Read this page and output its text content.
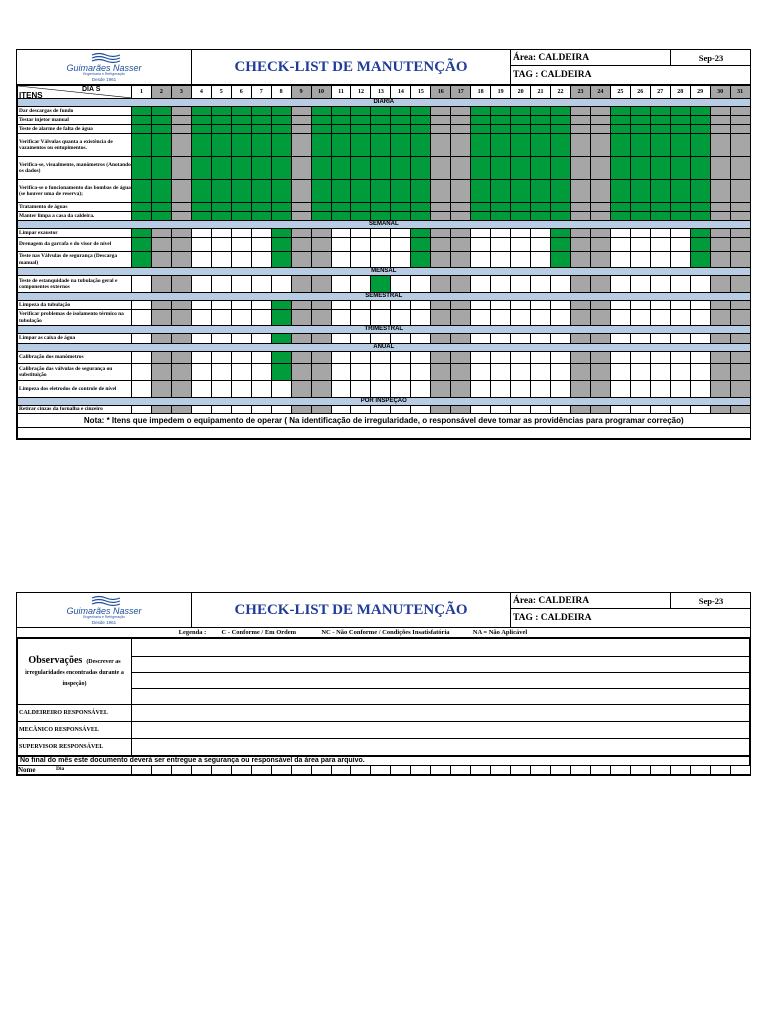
Guimarães Nasser
Engenharia e Refrigeração
Desde 1961
CHECK-LIST DE MANUTENÇÃO
Área: CALDEIRA	Sep-23
TAG : CALDEIRA
ITENS
DIA S	1	2	3	4	5	6	7	8	9	10	11	12	13	14	15	16	17	18	19	20	21	22	23	24	25	26	27	28	29	30	31
DIÁRIA																															
Dar descargas de fundo																															
Testar injetor manual																															
Teste de alarme de falta de água																															
Verificar Válvulas quanta a existência de vazamentos ou entupimentos.																															
Verifica-se, visualmente, manômetros (Anotando os dados)																															
Verifica-se o funcionamento das bombas de água (se houver uma de reserva);																															
Tratamento de águas																															
Manter limpa a casa da caldeira.																															
SEMANAL																															
Limpar exaustor																															
Drenagem da garrafa e do visor de nível																															
Teste nas Válvulas de segurança (Descarga manual)																															
MENSAL																															
Teste de estanquidade na tubulação geral e componentes externos																															
SEMESTRAL																															
Limpeza da tubulação																															
Verificar problemas de isolamento térmico na tubulação																															
TRIMESTRAL																															
Limpar as caixa de água																															
ANUAL																															
Calibração dos manômetros																															
Calibração das válvulas de segurança ou substituição																															
Limpeza dos eletrodos de controle de nível																															
POR INSPEÇÃO																															
Retirar cinzas da fornalha e cinzeiro																															
Nota: * Itens que impedem o equipamento de operar ( Na identificação de irregularidade, o responsável deve tomar as providências para programar correção)																															

Guimarães Nasser
Engenharia e Refrigeração
Desde 1961
CHECK-LIST DE MANUTENÇÃO
Área: CALDEIRA	Sep-23
TAG : CALDEIRA
Legenda : C - Conforme / Em Ordem	NC - Não Conforme / Condições Insatisfatória	NA = Não Aplicável
Observações (Descrever as irregularidades encontradas durante a inspeção)	

CALDEIREIRO RESPONSÁVEL	
MECÂNICO RESPONSÁVEL	
SUPERVISOR RESPONSÁVEL	
No final do mês este documento deverá ser entregue a segurança ou responsável da área para arquivo.
Nome	Dia
